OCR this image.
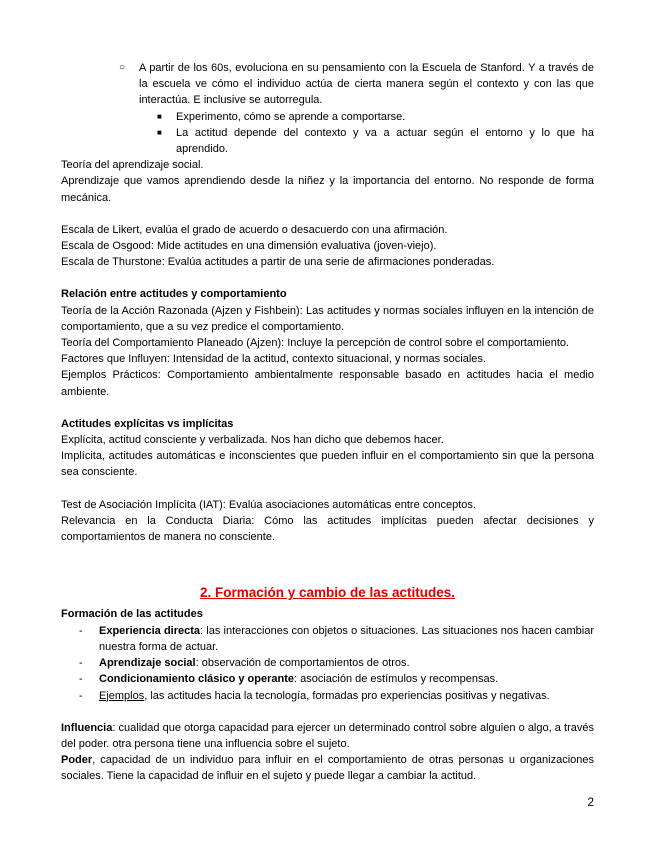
○ A partir de los 60s, evoluciona en su pensamiento con la Escuela de Stanford. Y a través de la escuela ve cómo el individuo actúa de cierta manera según el contexto y con las que interactúa. E inclusive se autorregula.
■ Experimento, cómo se aprende a comportarse.
■ La actitud depende del contexto y va a actuar según el entorno y lo que ha aprendido.

Teoría del aprendizaje social.

Aprendizaje que vamos aprendiendo desde la niñez y la importancia del entorno. No responde de forma mecánica.

Escala de Likert, evalúa el grado de acuerdo o desacuerdo con una afirmación.

Escala de Osgood: Mide actitudes en una dimensión evaluativa (joven-viejo).

Escala de Thurstone: Evalúa actitudes a partir de una serie de afirmaciones ponderadas.

Relación entre actitudes y comportamiento

Teoría de la Acción Razonada (Ajzen y Fishbein): Las actitudes y normas sociales influyen en la intención de comportamiento, que a su vez predice el comportamiento.

Teoría del Comportamiento Planeado (Ajzen): Incluye la percepción de control sobre el comportamiento.

Factores que Influyen: Intensidad de la actitud, contexto situacional, y normas sociales.

Ejemplos Prácticos: Comportamiento ambientalmente responsable basado en actitudes hacia el medio ambiente.

Actitudes explícitas vs implícitas

Explícita, actitud consciente y verbalizada. Nos han dicho que debemos hacer.

Implícita, actitudes automáticas e inconscientes que pueden influir en el comportamiento sin que la persona sea consciente.

Test de Asociación Implícita (IAT): Evalúa asociaciones automáticas entre conceptos.

Relevancia en la Conducta Diaria: Cómo las actitudes implícitas pueden afectar decisiones y comportamientos de manera no consciente.

2. Formación y cambio de las actitudes.

Formación de las actitudes

- Experiencia directa: las interacciones con objetos o situaciones. Las situaciones nos hacen cambiar nuestra forma de actuar.
- Aprendizaje social: observación de comportamientos de otros.
- Condicionamiento clásico y operante: asociación de estímulos y recompensas.
- Ejemplos, las actitudes hacia la tecnología, formadas pro experiencias positivas y negativas.

Influencia: cualidad que otorga capacidad para ejercer un determinado control sobre alguien o algo, a través del poder. otra persona tiene una influencia sobre el sujeto.

Poder, capacidad de un individuo para influir en el comportamiento de otras personas u organizaciones sociales. Tiene la capacidad de influir en el sujeto y puede llegar a cambiar la actitud.

2
